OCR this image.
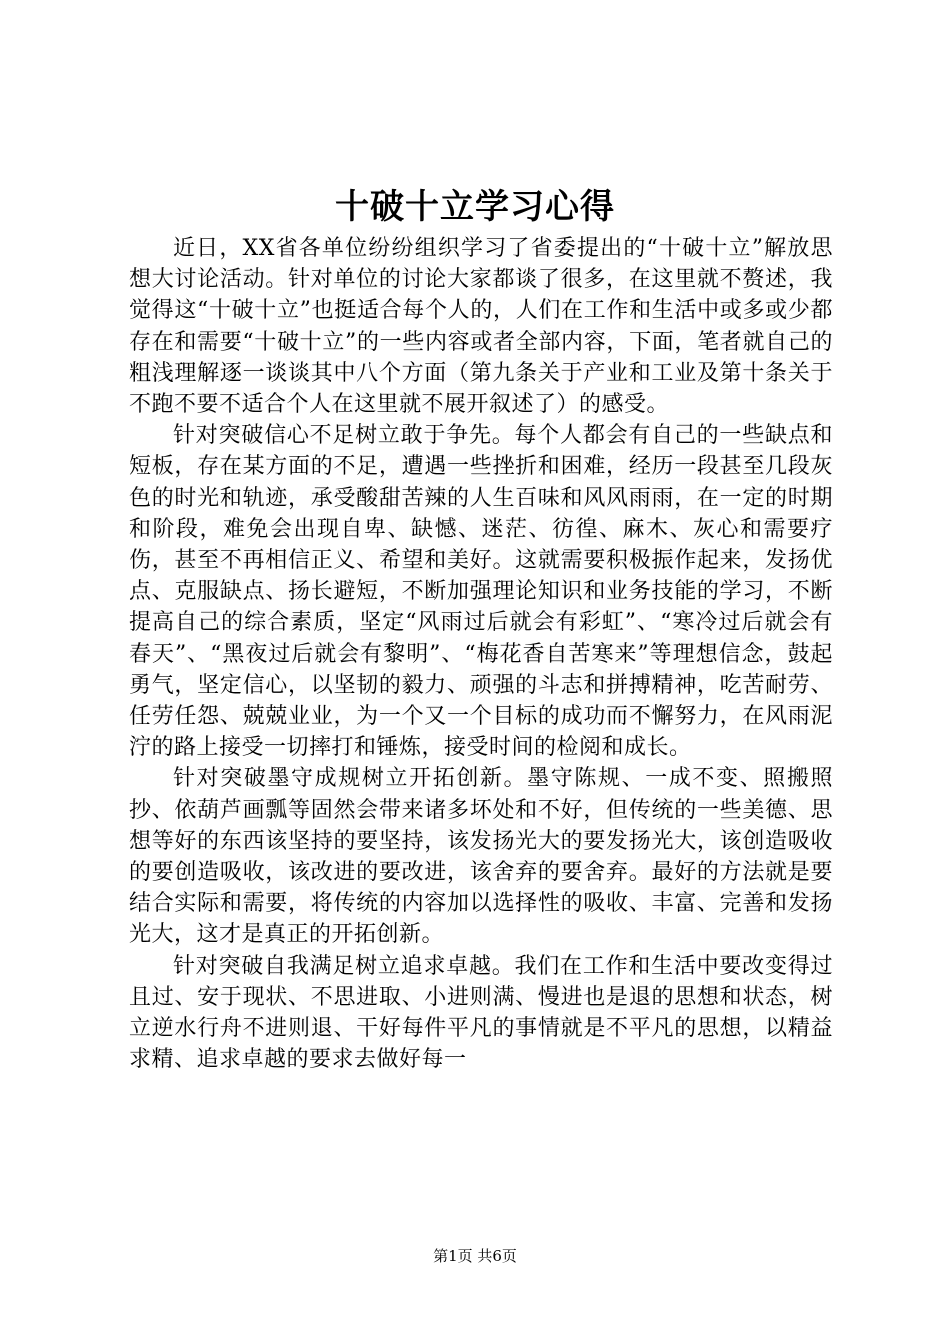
十破十立学习心得

近日，XX省各单位纷纷组织学习了省委提出的“十破十立”解放思想大讨论活动。针对单位的讨论大家都谈了很多，在这里就不赘述，我觉得这“十破十立”也挺适合每个人的，人们在工作和生活中或多或少都存在和需要“十破十立”的一些内容或者全部内容，下面，笔者就自己的粗浅理解逐一谈谈其中八个方面（第九条关于产业和工业及第十条关于不跑不要不适合个人在这里就不展开叙述了）的感受。

针对突破信心不足树立敢于争先。每个人都会有自己的一些缺点和短板，存在某方面的不足，遭遇一些挫折和困难，经历一段甚至几段灰色的时光和轨迹，承受酸甜苦辣的人生百味和风风雨雨，在一定的时期和阶段，难免会出现自卑、缺憾、迷茫、彷徨、麻木、灰心和需要疗伤，甚至不再相信正义、希望和美好。这就需要积极振作起来，发扬优点、克服缺点、扬长避短，不断加强理论知识和业务技能的学习，不断提高自己的综合素质，坚定“风雨过后就会有彩虹”、“寒冷过后就会有春天”、“黑夜过后就会有黎明”、“梅花香自苦寒来”等理想信念，鼓起勇气，坚定信心，以坚韧的毅力、顽强的斗志和拼搏精神，吃苦耐劳、任劳任怨、兢兢业业，为一个又一个目标的成功而不懈努力，在风雨泥泞的路上接受一切摔打和锤炼，接受时间的检阅和成长。

针对突破墨守成规树立开拓创新。墨守陈规、一成不变、照搬照抄、依葫芦画瓢等固然会带来诸多坏处和不好，但传统的一些美德、思想等好的东西该坚持的要坚持，该发扬光大的要发扬光大，该创造吸收的要创造吸收，该改进的要改进，该舍弃的要舍弃。最好的方法就是要结合实际和需要，将传统的内容加以选择性的吸收、丰富、完善和发扬光大，这才是真正的开拓创新。

针对突破自我满足树立追求卓越。我们在工作和生活中要改变得过且过、安于现状、不思进取、小进则满、慢进也是退的思想和状态，树立逆水行舟不进则退、干好每件平凡的事情就是不平凡的思想，以精益求精、追求卓越的要求去做好每一

第1页 共6页
